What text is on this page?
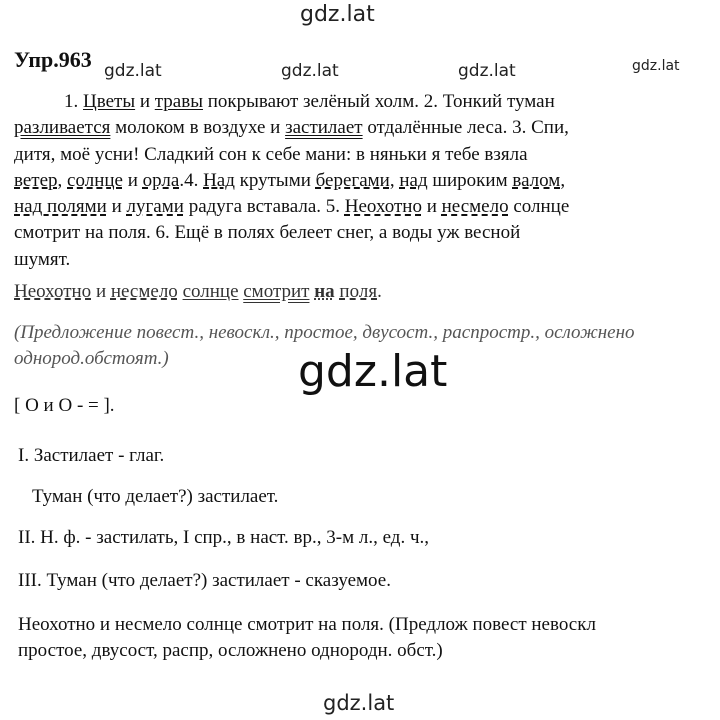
gdz.lat
gdz.lat	gdz.lat	gdz.lat	gdz.lat
gdz.lat
gdz.lat
Упр.963
1. Цветы и травы покрывают зелёный холм. 2. Тонкий туман
разливается молоком в воздухе и застилает отдалённые леса. 3. Спи,
дитя, моё усни! Сладкий сон к себе мани: в няньки я тебе взяла
ветер, солнце и орла.4. Над крутыми берегами, над широким валом,
над полями и лугами радуга вставала. 5. Неохотно и несмело солнце
смотрит на поля. 6. Ещё в полях белеет снег, а воды уж весной
шумят.
Неохотно и несмело солнце смотрит на поля.
(Предложение повест., невоскл., простое, двусост., распростр., осложнено
однород.обстоят.)
[ О и О - = ].
I. Застилает - глаг.
Туман (что делает?) застилает.
II. Н. ф. - застилать, I спр., в наст. вр., 3-м л., ед. ч.,
III. Туман (что делает?) застилает - сказуемое.
Неохотно и несмело солнце смотрит на поля. (Предлож повест невоскл
простое, двусост, распр, осложнено однородн. обст.)
